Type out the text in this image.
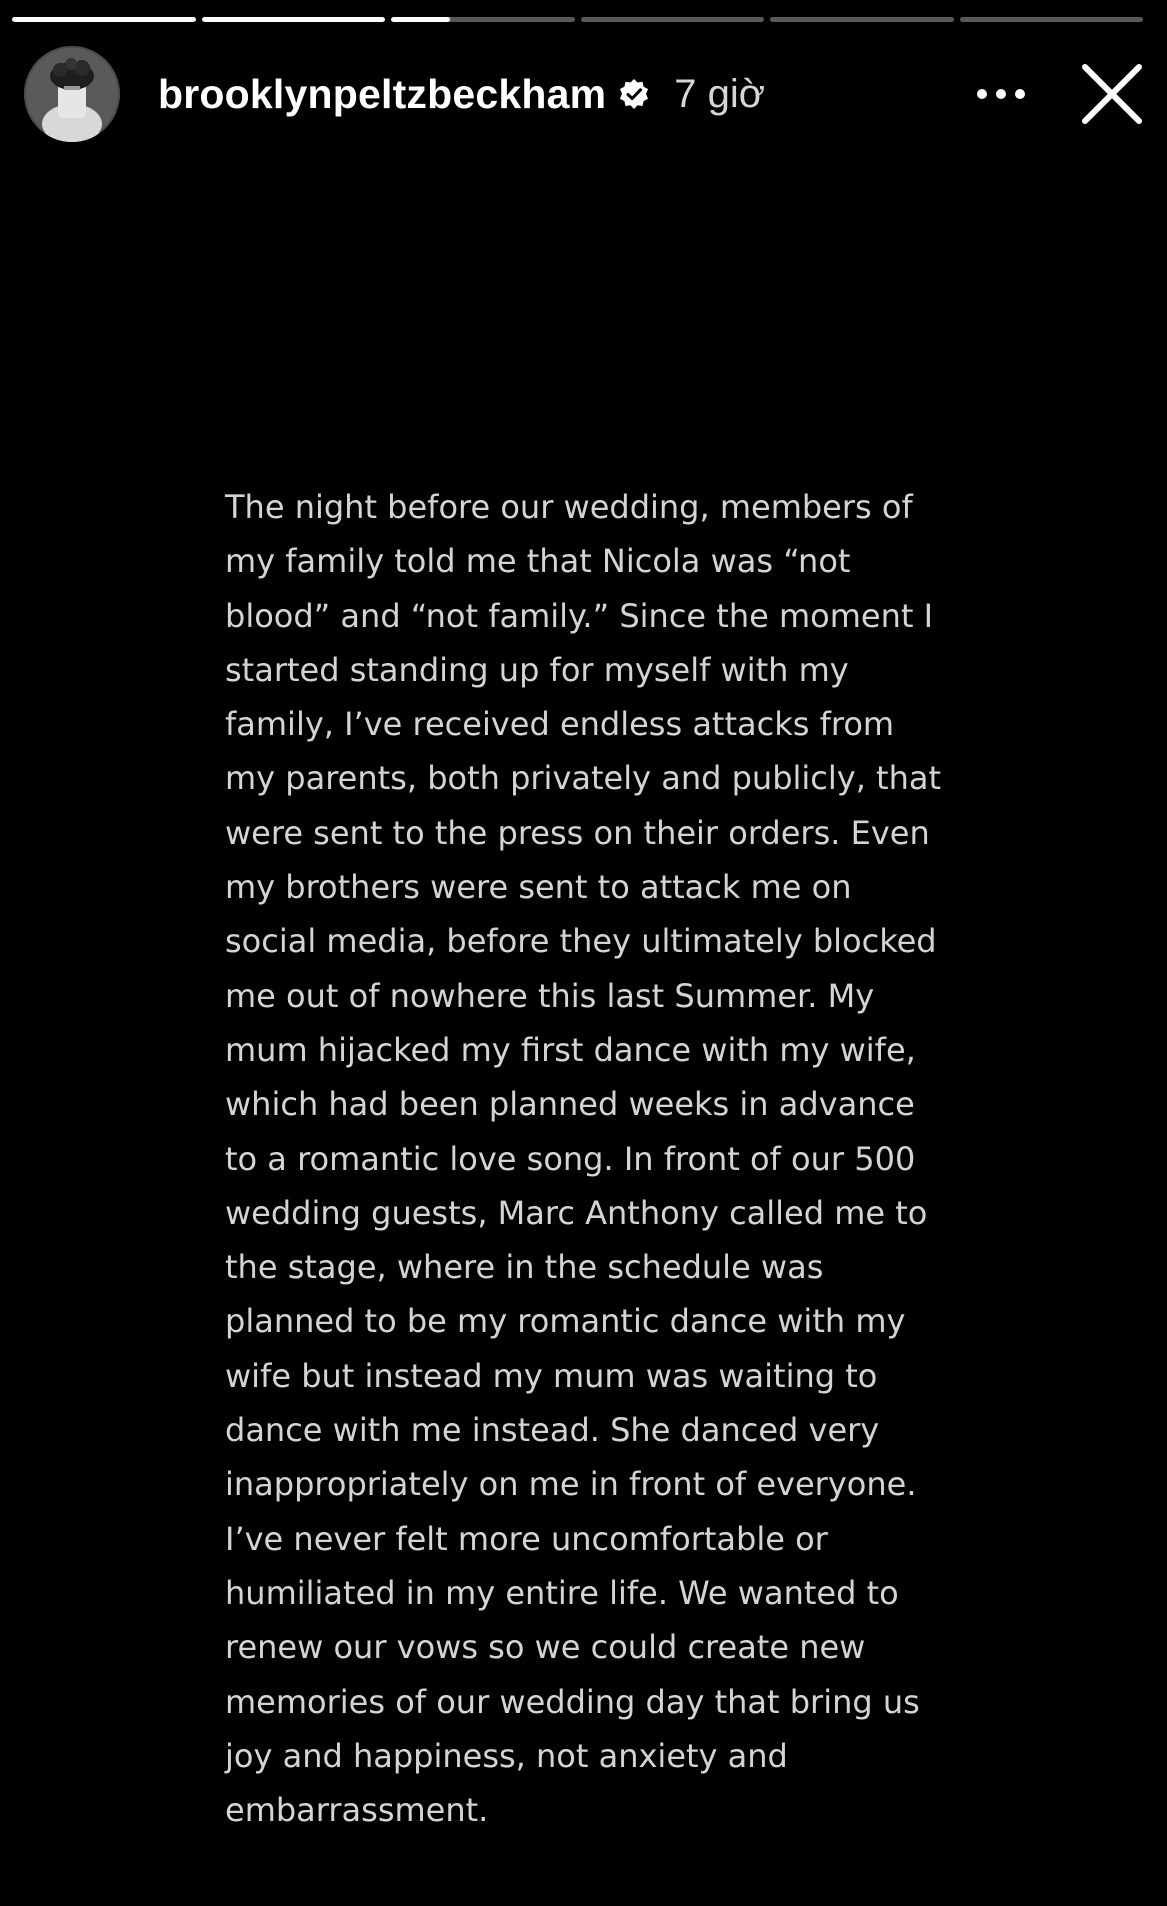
brooklynpeltzbeckham 7 giờ
The night before our wedding, members of
my family told me that Nicola was “not
blood” and “not family.” Since the moment I
started standing up for myself with my
family, I’ve received endless attacks from
my parents, both privately and publicly, that
were sent to the press on their orders. Even
my brothers were sent to attack me on
social media, before they ultimately blocked
me out of nowhere this last Summer. My
mum hijacked my first dance with my wife,
which had been planned weeks in advance
to a romantic love song. In front of our 500
wedding guests, Marc Anthony called me to
the stage, where in the schedule was
planned to be my romantic dance with my
wife but instead my mum was waiting to
dance with me instead. She danced very
inappropriately on me in front of everyone.
I’ve never felt more uncomfortable or
humiliated in my entire life. We wanted to
renew our vows so we could create new
memories of our wedding day that bring us
joy and happiness, not anxiety and
embarrassment.
